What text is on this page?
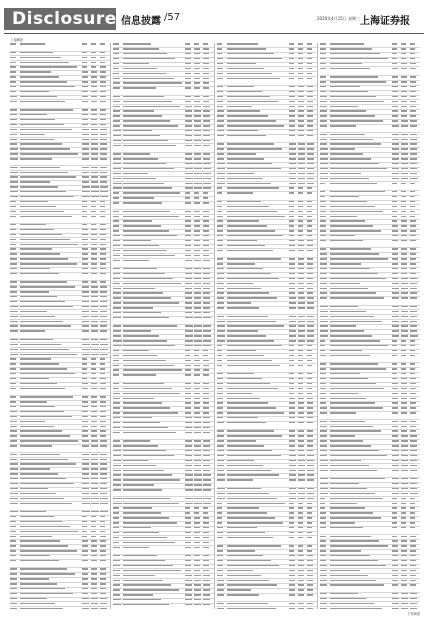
Disclosure 信息披露 /57	2020年4月15日 星期三 上海证券报
上接B版
下转B版
